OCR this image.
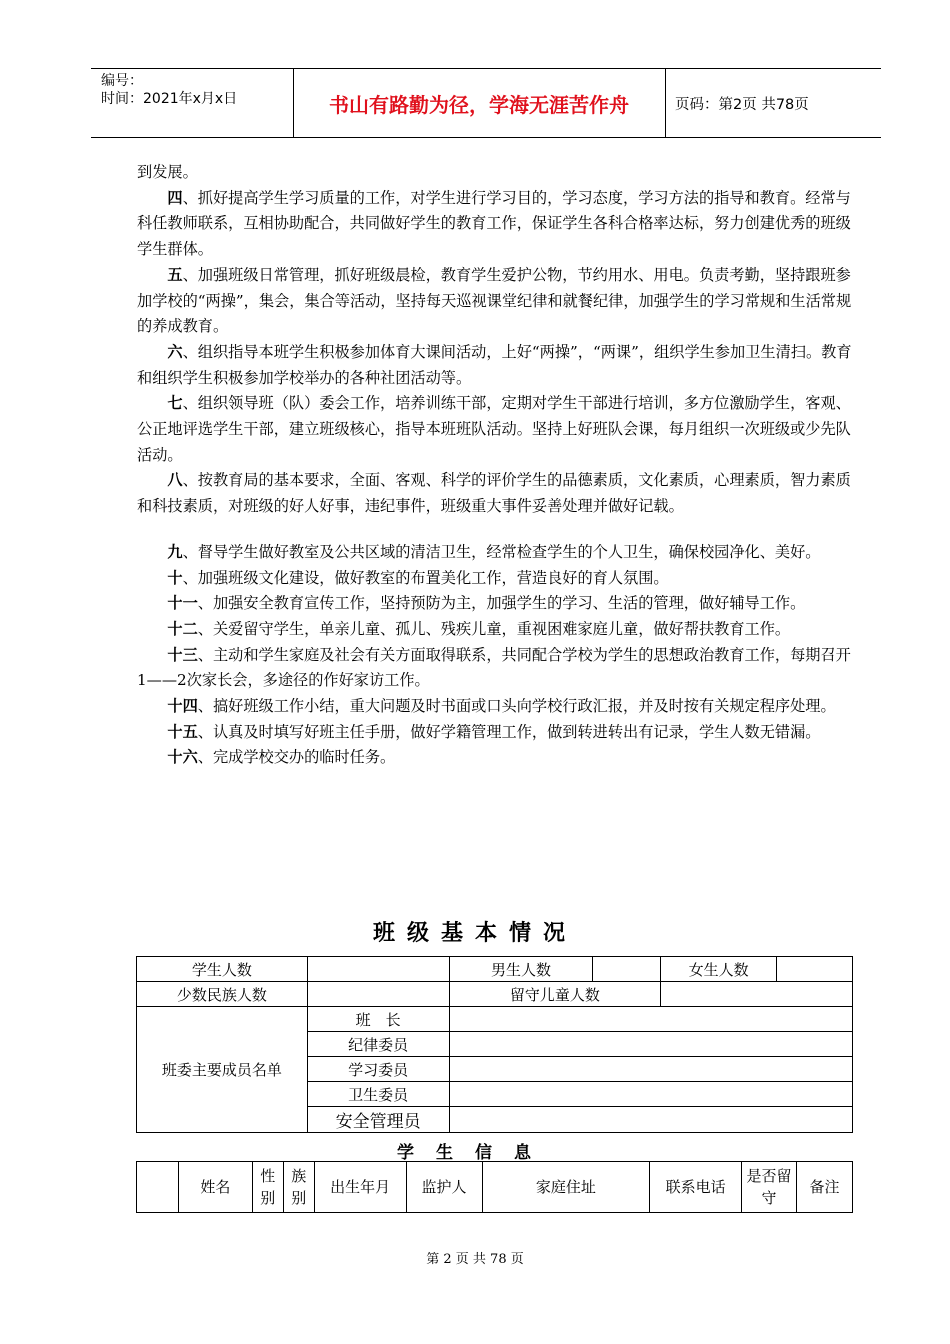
编号：
时间：2021年x月x日	书山有路勤为径，学海无涯苦作舟	页码：第2页 共78页

到发展。

四、抓好提高学生学习质量的工作，对学生进行学习目的，学习态度，学习方法的指导和教育。经常与科任教师联系，互相协助配合，共同做好学生的教育工作，保证学生各科合格率达标，努力创建优秀的班级学生群体。

五、加强班级日常管理，抓好班级晨检，教育学生爱护公物，节约用水、用电。负责考勤，坚持跟班参加学校的“两操”，集会，集合等活动，坚持每天巡视课堂纪律和就餐纪律，加强学生的学习常规和生活常规的养成教育。

六、组织指导本班学生积极参加体育大课间活动，上好“两操”，“两课”，组织学生参加卫生清扫。教育和组织学生积极参加学校举办的各种社团活动等。

七、组织领导班（队）委会工作，培养训练干部，定期对学生干部进行培训，多方位激励学生，客观、公正地评选学生干部，建立班级核心，指导本班班队活动。坚持上好班队会课，每月组织一次班级或少先队活动。

八、按教育局的基本要求，全面、客观、科学的评价学生的品德素质，文化素质，心理素质，智力素质和科技素质，对班级的好人好事，违纪事件，班级重大事件妥善处理并做好记载。

九、督导学生做好教室及公共区域的清洁卫生，经常检查学生的个人卫生，确保校园净化、美好。

十、加强班级文化建设，做好教室的布置美化工作，营造良好的育人氛围。

十一、加强安全教育宣传工作，坚持预防为主，加强学生的学习、生活的管理，做好辅导工作。

十二、关爱留守学生，单亲儿童、孤儿、残疾儿童，重视困难家庭儿童，做好帮扶教育工作。

十三、主动和学生家庭及社会有关方面取得联系，共同配合学校为学生的思想政治教育工作，每期召开1——2次家长会，多途径的作好家访工作。

十四、搞好班级工作小结，重大问题及时书面或口头向学校行政汇报，并及时按有关规定程序处理。

十五、认真及时填写好班主任手册，做好学籍管理工作，做到转进转出有记录，学生人数无错漏。

十六、完成学校交办的临时任务。

班级基本情况
学生人数		男生人数		女生人数	
少数民族人数		留守儿童人数			
班委主要成员名单	班　长				
	纪律委员				
	学习委员				
	卫生委员				
	安全管理员				
学生信息
	姓名	性别	族别	出生年月	监护人	家庭住址	联系电话	是否留守	备注
第 2 页 共 78 页
